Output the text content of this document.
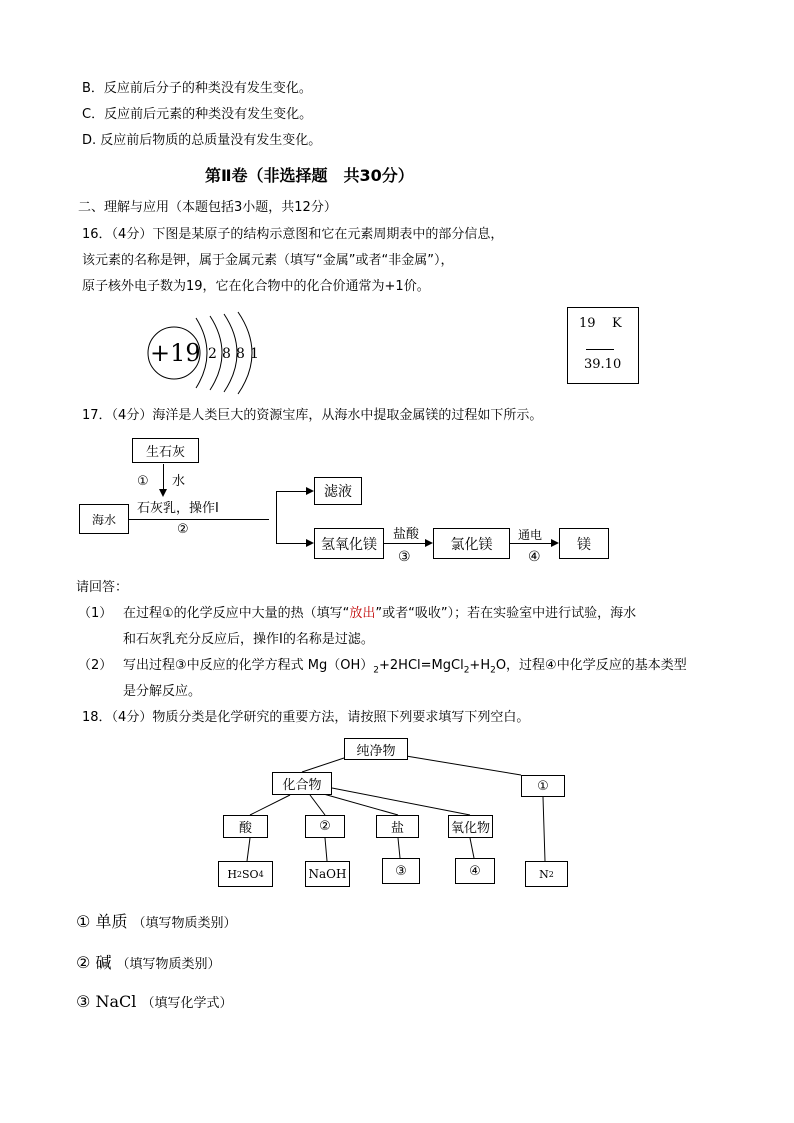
B．反应前后分子的种类没有发生变化。
C．反应前后元素的种类没有发生变化。
D. 反应前后物质的总质量没有发生变化。
第Ⅱ卷（非选择题　共30分）
二、理解与应用（本题包括3小题，共12分）
16．（4分）下图是某原子的结构示意图和它在元素周期表中的部分信息，
该元素的名称是钾，属于金属元素（填写“金属”或者“非金属”），
原子核外电子数为19，它在化合物中的化合价通常为+1价。
+19 2 8 8 1
19 K
39.10
17．（4分）海洋是人类巨大的资源宝库，从海水中提取金属镁的过程如下所示。
生石灰
① 水
海水
石灰乳，操作Ⅰ
②
滤液
氢氧化镁
盐酸
③
氯化镁
通电
④
镁
请回答：
（1） 在过程①的化学反应中大量的热（填写“放出”或者“吸收”）；若在实验室中进行试验，海水
和石灰乳充分反应后，操作Ⅰ的名称是过滤。
（2） 写出过程③中反应的化学方程式 $Mg(OH)_2+2HCl=MgCl_2+H_2O$，过程④中化学反应的基本类型
是分解反应。
18．（4分）物质分类是化学研究的重要方法，请按照下列要求填写下列空白。
纯净物
化合物	①
酸	②	盐	氧化物
H 2 SO 4	NaOH	③	④	N 2
① 单质 （填写物质类别）
② 碱 （填写物质类别）
③ NaCl （填写化学式）
